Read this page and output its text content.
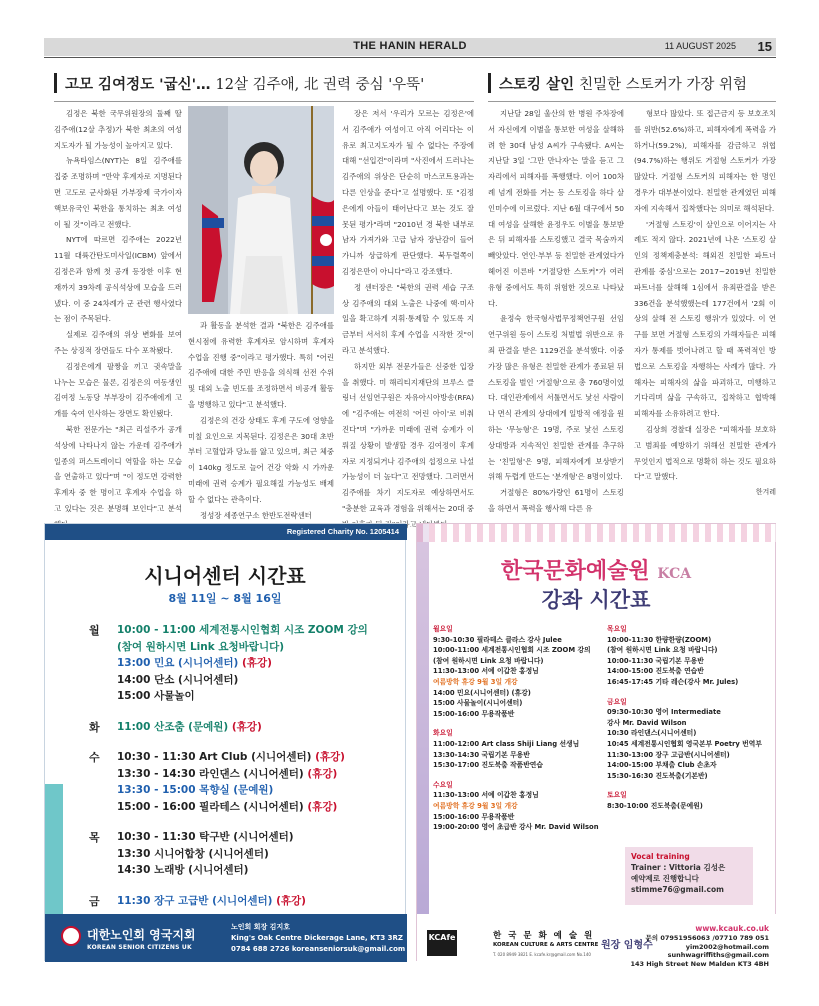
THE HANIN HERALD	11 AUGUST 2025 15
고모 김여정도 '굽신'… 12살 김주애, 北 권력 중심 '우뚝'	스토킹 살인 친밀한 스토커가 가장 위험

김정은 북한 국무위원장의 둘째 딸 김주애(12살 추정)가 북한 최초의 여성 지도자가 될 가능성이 높아지고 있다.

뉴욕타임스(NYT)는 8일 김주애를 집중 조명하며 "만약 후계자로 지명된다면 고도로 군사화된 가부장제 국가이자 핵보유국인 북한을 통치하는 최초 여성이 될 것"이라고 전했다.

NYT에 따르면 김주애는 2022년 11월 대륙간탄도미사일(ICBM) 앞에서 김정은과 함께 첫 공개 등장한 이후 현재까지 39차례 공식석상에 모습을 드러냈다. 이 중 24차례가 군 관련 행사였다는 점이 주목된다.

실제로 김주애의 위상 변화를 보여주는 상징적 장면들도 다수 포착됐다.

김정은에게 팔짱을 끼고 귓속말을 나누는 모습은 물론, 김정은의 여동생인 김여정 노동당 부부장이 김주애에게 고개를 숙여 인사하는 장면도 확인됐다.

북한 전문가는 "최근 리설주가 공개석상에 나타나지 않는 가운데 김주애가 일종의 퍼스트레이디 역할을 하는 모습을 연출하고 있다"며 "이 정도면 강력한 후계자 중 한 명이고 후계자 수업을 하고 있다는 것은 분명해 보인다"고 분석

과 활동을 분석한 결과 "북한은 김주애를 현시점에 유력한 후계자로 암시하며 후계자 수업을 진행 중"이라고 평가했다. 특히 "어린 김주애에 대한 주민 반응을 의식해 선전 수위 및 대외 노출 빈도를 조정하면서 비공개 활동을 병행하고 있다"고 분석했다.

김정은의 건강 상태도 후계 구도에 영향을 미칠 요인으로 지목된다. 김정은은 30대 초반부터 고혈압과 당뇨를 앓고 있으며, 최근 체중이 140kg 정도로 늘어 건강 악화 시 가까운 미래에 권력 승계가 필요해질 가능성도 배제할 수 없다는 관측이다.

정성장 세종연구소 한반도전략센터

장은 저서 '우리가 모르는 김정은'에서 김주애가 여성이고 아직 어리다는 이유로 최고지도자가 될 수 없다는 주장에 대해 "선입견"이라며 "사진에서 드러나는 김주애의 위상은 단순히 마스코트용과는 다른 인상을 준다"고 설명했다. 또 "김정은에게 아들이 태어난다고 보는 것도 잘못된 평가"라며 "2010년 경 북한 내부로 남자 가져가와 고급 남자 장난감이 들어가니까 상급하게 판단했다. 북두렬쪽이 김정은만이 아니다"라고 강조했다.

정 센터장은 "북한의 권력 세습 구조상 김주애의 대외 노출은 나중에 핵·미사일을 확고하게 지휘·통제할 수 있도록 지금부터 서서히 후계 수업을 시작한 것"이라고 분석했다.

하지만 외부 전문가들은 신중한 입장을 취했다. 미 해리티지재단의 브루스 클링너 선임연구원은 자유아시아방송(RFA)에 "김주애는 여전히 '어린 아이'로 비춰진다"며 "가까운 미래에 권력 승계가 이뤄질 상황이 발생할 경우 김여정이 후계자로 지정되거나 김주애의 섭정으로 나설 가능성이 더 높다"고 전망했다. 그러면서 김주애를 차기 지도자로 예상하면서도 "충분한 교육과 경험을 위해서는 20대 중

지난달 28일 울산의 한 병원 주차장에서 자신에게 이별을 통보한 여성을 살해하려 한 30대 남성 A씨가 구속됐다. A씨는 지난달 3일 '그만 만나자'는 말을 듣고 그 자리에서 피해자를 폭행했다. 이어 100차례 넘게 전화를 거는 등 스토킹을 하다 살인미수에 이르렀다. 지난 6월 대구에서 50대 여성을 살해한 윤정우도 이별을 통보받은 뒤 피해자를 스토킹했고 결국 목숨까지 빼앗았다. 연인·부부 등 친밀한 관계였다가 헤어진 이른바 "거절당한 스토커"가 여러 유형 중에서도 특히 위험한 것으로 나타났다.

윤정숙 한국형사법무정책연구원 선임연구위원 등이 스토킹 처벌법 위반으로 유죄 판결을 받은 1129건을 분석했다. 이중 가장 많은 유형은 친밀한 관계가 종료된 뒤 스토킹을 벌인 '거절형'으로 총 760명이었다. 대인관계에서 서툴면서도 낯선 사람이나 면식 관계의 상대에게 일방적 애정을 원하는 '무능형'은 19명, 주로 낯선 스토킹 상대방과 지속적인 친밀한 관계를 추구하는 '친밀형'은 9명, 피해자에게 보상받기 위해 두렵게 만드는 '분개형'은 8명이었다.

거절형은 80%가량인 61명이 스토킹을 하면서 폭력을 행사해 다른 유

형보다 많았다. 또 접근금지 등 보호조치를 위반(52.6%)하고, 피해자에게 폭력을 가하거나(59.2%), 피해자를 감금하고 위협(94.7%)하는 행위도 거절형 스토커가 가장 많았다. 거절형 스토커의 피해자는 한 명인 경우가 대부분이었다. 친밀한 관계였던 피해자에 지속해서 집착했다는 의미로 해석된다.

'거절형 스토킹'이 살인으로 이어지는 사례도 적지 않다. 2021년에 나온 '스토킹 살인의 정책제충분석: 해외진 친밀한 파트너 관계를 중심'으로는 2017~2019년 친밀한 파트너를 살해해 1심에서 유죄판결을 받은 336건을 분석했했는데 177건에서 '2회 이상의 살해 전 스토킹 행위'가 있었다. 이 연구를 보면 거절형 스토킹의 가해자들은 피해자가 통제를 벗어나려고 할 때 폭력적인 방법으로 스토킹을 자행하는 사례가 많다. 가해자는 피해자의 삶을 파괴하고, 미행하고 기다리며 삶을 구속하고, 집착하고 협박해 피해자를 소유하려고 한다.

김상희 경찰대 실장은 "피해자를 보호하고 범죄를 예방하기 위해선 친밀한 관계가 무엇인지 법적으로 명확히 하는 것도 필요하다"고 말했다.

한겨레

Registered Charity No. 1205414
시니어센터 시간표
8월 11일 ~ 8월 16일
월 10:00 - 11:00 세계전통시인협회 시조 ZOOM 강의
(참여 원하시면 Link 요청바랍니다)
13:00 민요 (시니어센터) (휴강)
14:00 단소 (시니어센터)
15:00 사물놀이
화 11:00 산조춤 (문예원) (휴강)
수 10:30 - 11:30 Art Club (시니어센터) (휴강)
13:30 - 14:30 라인댄스 (시니어센터) (휴강)
13:30 - 15:00 목향실 (문예원)
15:00 - 16:00 필라테스 (시니어센터) (휴강)
목 10:30 - 11:30 탁구반 (시니어센터)
13:30 시니어합창 (시니어센터)
14:30 노래방 (시니어센터)
금 11:30 장구 고급반 (시니어센터) (휴강)
대한노인회 영국지회
KOREAN SENIOR CITIZENS UK
노인회 회장 김지호
King's Oak Centre Dickerage Lane, KT3 3RZ
0784 688 2726 koreanseniorsuk@gmail.com
한국문화예술원 KCA
강좌 시간표
월요일
9:30-10:30 필라테스 클라스 강사 Julee
10:00-11:00 세계전통시인협회 시조 ZOOM 강의
(참여 원하시면 Link 요청 바랍니다)
11:30-13:00 서예 이갑찬 홍정님
여름방학 휴강 9월 3일 개강
14:00 민요(시니어센터) (휴강)
15:00 사물놀이(시니어센터)
15:00-16:00 무용작품반
화요일
11:00-12:00 Art class Shiji Liang 선생님
13:30-14:30 국립기본 무용반
15:30-17:00 진도북춤 작품반연습
수요일
11:30-13:00 서예 이갑찬 홍정님
여름방학 휴강 9월 3일 개강
15:00-16:00 무용작품반
19:00-20:00 영어 초급반 강사 Mr. David Wilson
목요일
10:00-11:30 한량한량(ZOOM)
(참여 원하시면 Link 요청 바랍니다)
10:00-11:30 국립기본 무용반
14:00-15:00 진도북춤 연습반
16:45-17:45 기타 레슨(강사 Mr. Jules)
금요일
09:30-10:30 영어 Intermediate
강사 Mr. David Wilson
10:30 라인댄스(시니어센터)
10:45 세계전통시인협회 영국본부 Poetry 번역부
11:30-13:00 장구 고급반(시니어센터)
14:00-15:00 부채춤 Club 손초자
15:30-16:30 진도북춤(기본반)
토요일
8:30-10:00 진도북춤(문예원)
Vocal training
Trainer : Vittoria 김성은
예약제로 진행합니다
stimme76@gmail.com
KCAfe	한 국 문 화 예 술 원
KOREAN CULTURE & ARTS CENTRE
T. 020 8949 3821 E. kcafe.kr@gmail.com No.140
원장 임형수
www.kcauk.co.uk
문의 07951956063 /07710 789 051
yim2002@hotmail.com
sunhwagriffiths@gmail.com
143 High Street New Malden KT3 4BH
